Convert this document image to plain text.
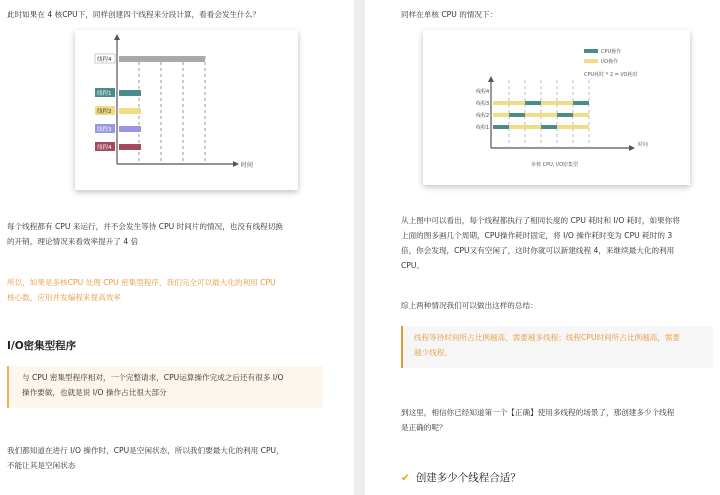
此时如果在 4 核CPU下，同样创建四个线程来分段计算，看看会发生什么？
线程4
线程1
线程2
线程3
线程4
时间
每个线程都有 CPU 来运行，并不会发生等待 CPU 时间片的情况，也没有线程切换
的开销。理论情况来看效率提升了 4 倍
所以，如果是多核CPU 处理 CPU 密集型程序，我们完全可以最大化的利用 CPU
核心数，应用并发编程来提高效率
I/O密集型程序
与 CPU 密集型程序相对，一个完整请求，CPU运算操作完成之后还有很多 I/O
操作要做，也就是说 I/O 操作占比很大部分
我们都知道在进行 I/O 操作时，CPU是空闲状态，所以我们要最大化的利用 CPU，
不能让其是空闲状态
同样在单核 CPU 的情况下：
CPU操作
I/O操作
CPU耗时 * 2 = I/O耗时
时间
线程4
线程3
线程2
线程1
单核 CPU, I/O密集型
从上图中可以看出，每个线程都执行了相同长度的 CPU 耗时和 I/O 耗时，如果你将
上面的图多画几个周期，CPU操作耗时固定，将 I/O 操作耗时变为 CPU 耗时的 3
倍，你会发现，CPU又有空闲了，这时你就可以新建线程 4，来继续最大化的利用
CPU。
综上两种情况我们可以做出这样的总结：
线程等待时间所占比例越高，需要越多线程；线程CPU时间所占比例越高，需要
越少线程。
到这里，相信你已经知道第一个【正确】使用多线程的场景了，那创建多少个线程
是正确的呢？
✔ 创建多少个线程合适？
